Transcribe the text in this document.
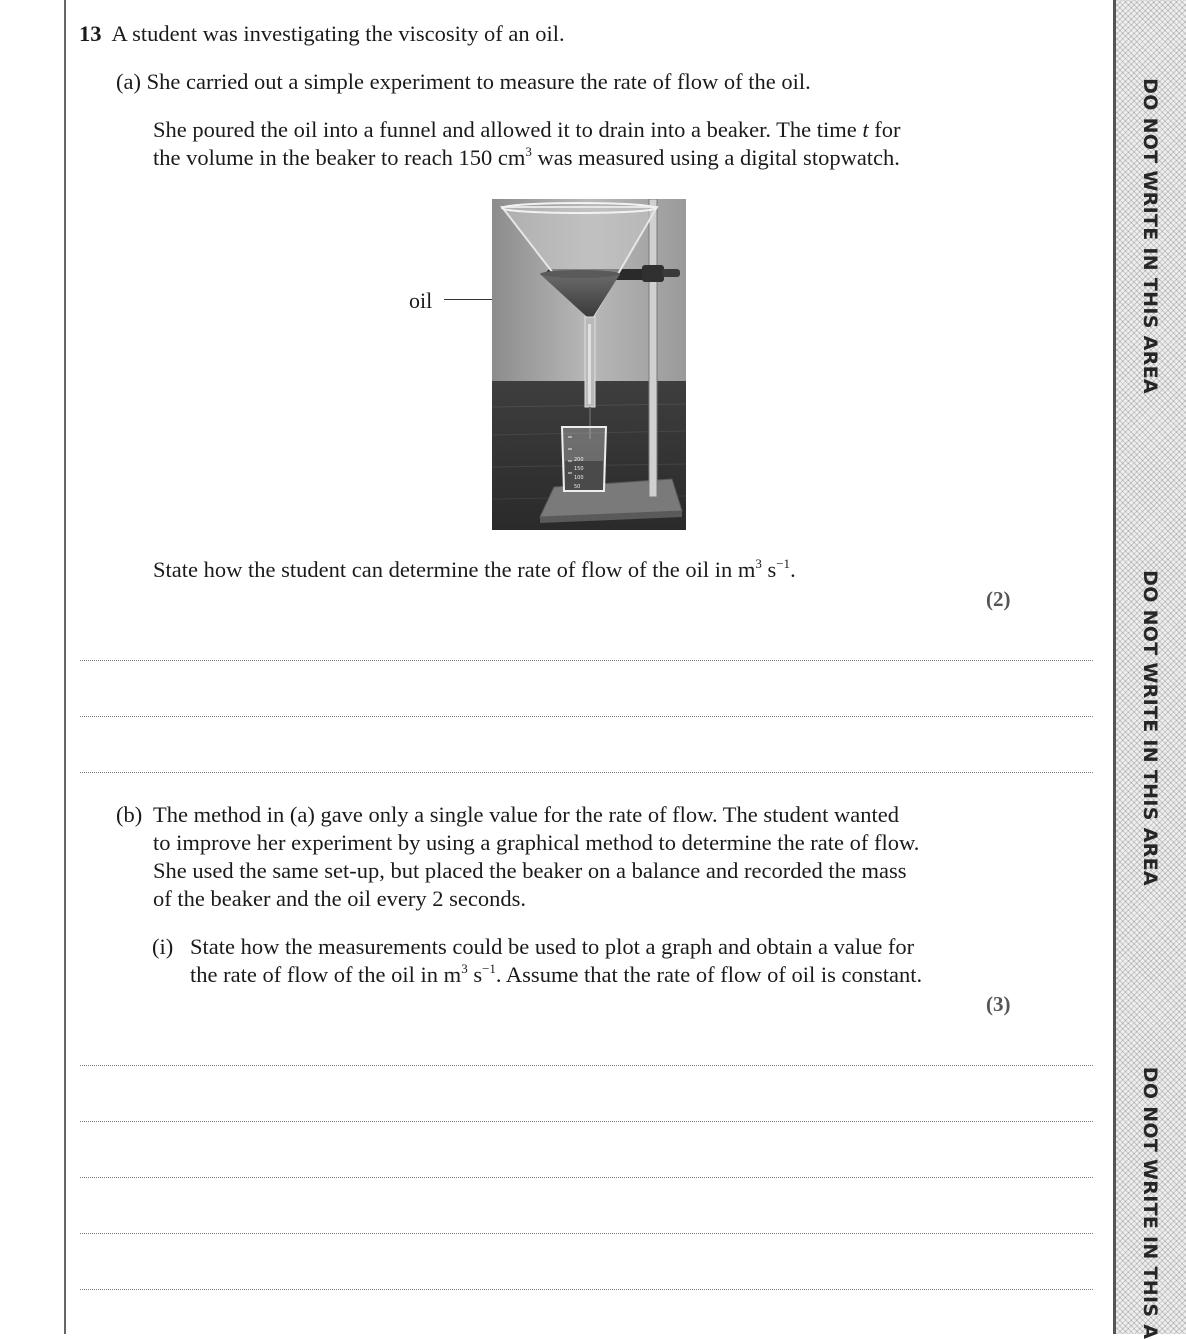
DO NOT WRITE IN THIS AREA
DO NOT WRITE IN THIS AREA
DO NOT WRITE IN THIS A
13 A student was investigating the viscosity of an oil.
(a) She carried out a simple experiment to measure the rate of flow of the oil.
She poured the oil into a funnel and allowed it to drain into a beaker. The time t for
the volume in the beaker to reach 150 $cm^3$ was measured using a digital stopwatch.
oil
200
150
100
50
State how the student can determine the rate of flow of the oil in $m^3$ $s^{-1}$.
(2)
(b) The method in (a) gave only a single value for the rate of flow. The student wanted
to improve her experiment by using a graphical method to determine the rate of flow.
She used the same set-up, but placed the beaker on a balance and recorded the mass
of the beaker and the oil every 2 seconds.
(i) State how the measurements could be used to plot a graph and obtain a value for
the rate of flow of the oil in $m^3$ $s^{-1}$. Assume that the rate of flow of oil is constant.
(3)
